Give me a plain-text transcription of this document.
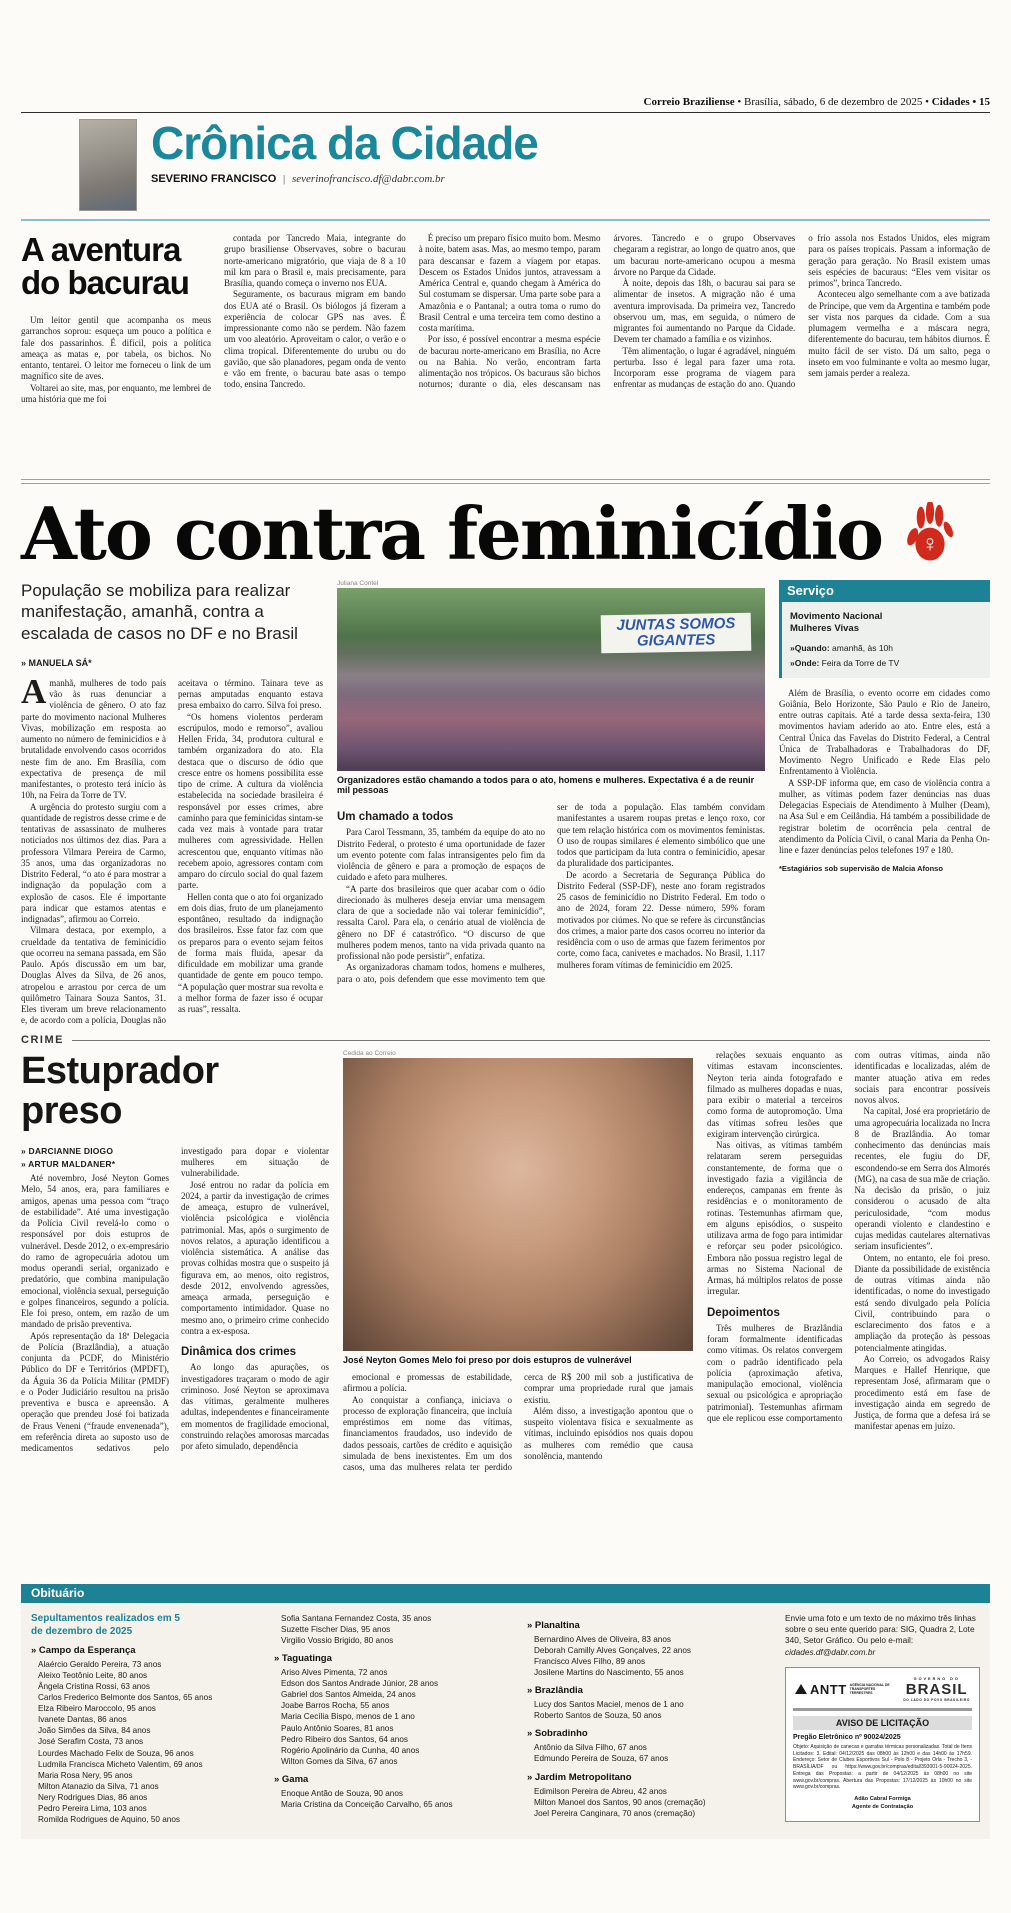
Correio Braziliense • Brasília, sábado, 6 de dezembro de 2025 • Cidades • 15
Crônica da Cidade
SEVERINO FRANCISCO | severinofrancisco.df@dabr.com.br
A aventura do bacurau

Um leitor gentil que acompanha os meus garranchos soprou: esqueça um pouco a política e fale dos passarinhos. É difícil, pois a política ameaça as matas e, por tabela, os bichos. No entanto, tentarei. O leitor me forneceu o link de um magnífico site de aves.

Voltarei ao site, mas, por enquanto, me lembrei de uma história que me foi

contada por Tancredo Maia, integrante do grupo brasiliense Observaves, sobre o bacurau norte-americano migratório, que viaja de 8 a 10 mil km para o Brasil e, mais precisamente, para Brasília, quando começa o inverno nos EUA.

Seguramente, os bacuraus migram em bando dos EUA até o Brasil. Os biólogos já fizeram a experiência de colocar GPS nas aves. É impressionante como não se perdem. Não fazem um voo aleatório. Aproveitam o calor, o verão e o clima tropical. Diferentemente do urubu ou do gavião, que são planadores, pegam onda de vento e vão em frente, o bacurau bate asas o tempo todo, ensina Tancredo.

É preciso um preparo físico muito bom. Mesmo à noite, batem asas. Mas, ao mesmo tempo, param para descansar e fazem a viagem por etapas. Descem os Estados Unidos juntos, atravessam a América Central e, quando chegam à América do Sul costumam se dispersar. Uma parte sobe para a Amazônia e o Pantanal; a outra toma o rumo do Brasil Central e uma terceira tem como destino a costa marítima.

Por isso, é possível encontrar a mesma espécie de bacurau norte-americano em Brasília, no Acre ou na Bahia. No verão, encontram farta alimentação nos trópicos. Os bacuraus são bichos noturnos; durante o dia, eles descansam nas árvores. Tancredo e o grupo Observaves chegaram a registrar, ao longo de quatro anos, que um bacurau norte-americano ocupou a mesma árvore no Parque da Cidade.

À noite, depois das 18h, o bacurau sai para se alimentar de insetos. A migração não é uma aventura improvisada. Da primeira vez, Tancredo observou um, mas, em seguida, o número de migrantes foi aumentando no Parque da Cidade. Devem ter chamado a família e os vizinhos.

Têm alimentação, o lugar é agradável, ninguém perturba. Isso é legal para fazer uma rota. Incorporam esse programa de viagem para enfrentar as mudanças de estação do ano. Quando o frio assola nos Estados Unidos, eles migram para os países tropicais. Passam a informação de geração para geração. No Brasil existem umas seis espécies de bacuraus: “Eles vem visitar os primos”, brinca Tancredo.

Aconteceu algo semelhante com a ave batizada de Príncipe, que vem da Argentina e também pode ser vista nos parques da cidade. Com a sua plumagem vermelha e a máscara negra, diferentemente do bacurau, tem hábitos diurnos. É muito fácil de ser visto. Dá um salto, pega o inseto em voo fulminante e volta ao mesmo lugar, sem jamais perder a realeza.

Ato contra feminicídio ♀

População se mobiliza para realizar manifestação, amanhã, contra a escalada de casos no DF e no Brasil

» MANUELA SÁ*

Amanhã, mulheres de todo país vão às ruas denunciar a violência de gênero. O ato faz parte do movimento nacional Mulheres Vivas, mobilização em resposta ao aumento no número de feminicídios e à brutalidade envolvendo casos ocorridos neste fim de ano. Em Brasília, com expectativa de presença de mil manifestantes, o protesto terá início às 10h, na Feira da Torre de TV.

A urgência do protesto surgiu com a quantidade de registros desse crime e de tentativas de assassinato de mulheres noticiados nos últimos dez dias. Para a professora Vilmara Pereira de Carmo, 35 anos, uma das organizadoras no Distrito Federal, “o ato é para mostrar a indignação da população com a explosão de casos. Ele é importante para indicar que estamos atentas e indignadas”, afirmou ao Correio.

Vilmara destaca, por exemplo, a crueldade da tentativa de feminicídio que ocorreu na semana passada, em São Paulo. Após discussão em um bar, Douglas Alves da Silva, de 26 anos, atropelou e arrastou por cerca de um quilômetro Tainara Souza Santos, 31. Eles tiveram um breve relacionamento e, de acordo com a polícia, Douglas não aceitava o término. Tainara teve as pernas amputadas enquanto estava presa embaixo do carro. Silva foi preso.

“Os homens violentos perderam escrúpulos, modo e remorso”, avaliou Hellen Frida, 34, produtora cultural e também organizadora do ato. Ela destaca que o discurso de ódio que cresce entre os homens possibilita esse tipo de crime. A cultura da violência estabelecida na sociedade brasileira é responsável por esses crimes, abre caminho para que feminicidas sintam-se cada vez mais à vontade para tratar mulheres com agressividade. Hellen acrescentou que, enquanto vítimas não recebem apoio, agressores contam com amparo do círculo social do qual fazem parte.

Hellen conta que o ato foi organizado em dois dias, fruto de um planejamento espontâneo, resultado da indignação dos brasileiros. Esse fator faz com que os preparos para o evento sejam feitos de forma mais fluida, apesar da dificuldade em mobilizar uma grande quantidade de gente em pouco tempo. “A população quer mostrar sua revolta e a melhor forma de fazer isso é ocupar as ruas”, ressalta.

Juliana Contel
JUNTAS SOMOS GIGANTES

Organizadores estão chamando a todos para o ato, homens e mulheres. Expectativa é a de reunir mil pessoas

Um chamado a todos

Para Carol Tessmann, 35, também da equipe do ato no Distrito Federal, o protesto é uma oportunidade de fazer um evento potente com falas intransigentes pelo fim da violência de gênero e para a promoção de espaços de cuidado e afeto para mulheres.

“A parte dos brasileiros que quer acabar com o ódio direcionado às mulheres deseja enviar uma mensagem clara de que a sociedade não vai tolerar feminicídio”, ressalta Carol. Para ela, o cenário atual de violência de gênero no DF é catastrófico. “O discurso de que mulheres podem menos, tanto na vida privada quanto na profissional não pode persistir”, enfatiza.

As organizadoras chamam todos, homens e mulheres, para o ato, pois defendem que esse movimento tem que ser de toda a população. Elas também convidam manifestantes a usarem roupas pretas e lenço roxo, cor que tem relação histórica com os movimentos feministas. O uso de roupas similares é elemento simbólico que une todos que participam da luta contra o feminicídio, apesar da pluralidade dos participantes.

De acordo a Secretaria de Segurança Pública do Distrito Federal (SSP-DF), neste ano foram registrados 25 casos de feminicídio no Distrito Federal. Em todo o ano de 2024, foram 22. Desse número, 59% foram motivados por ciúmes. No que se refere às circunstâncias dos crimes, a maior parte dos casos ocorreu no interior da residência com o uso de armas que fazem ferimentos por corte, como faca, canivetes e machados. No Brasil, 1.117 mulheres foram vítimas de feminicídio em 2025.

Serviço

Movimento Nacional Mulheres Vivas

»Quando: amanhã, às 10h

»Onde: Feira da Torre de TV

Além de Brasília, o evento ocorre em cidades como Goiânia, Belo Horizonte, São Paulo e Rio de Janeiro, entre outras capitais. Até a tarde dessa sexta-feira, 130 movimentos haviam aderido ao ato. Entre eles, está a Central Única das Favelas do Distrito Federal, a Central Única de Trabalhadoras e Trabalhadoras do DF, Movimento Negro Unificado e Rede Elas pelo Enfrentamento à Violência.

A SSP-DF informa que, em caso de violência contra a mulher, as vítimas podem fazer denúncias nas duas Delegacias Especiais de Atendimento à Mulher (Deam), na Asa Sul e em Ceilândia. Há também a possibilidade de registrar boletim de ocorrência pela central de atendimento da Polícia Civil, o canal Maria da Penha On-line e fazer denúncias pelos telefones 197 e 180.

*Estagiários sob supervisão de Malcia Afonso

CRIME
Estuprador preso

» DARCIANNE DIOGO

» ARTUR MALDANER*

Até novembro, José Neyton Gomes Melo, 54 anos, era, para familiares e amigos, apenas uma pessoa com “traço de estabilidade”. Até uma investigação da Polícia Civil revelá-lo como o responsável por dois estupros de vulnerável. Desde 2012, o ex-empresário do ramo de agropecuária adotou um modus operandi serial, organizado e predatório, que combina manipulação emocional, violência sexual, perseguição e golpes financeiros, segundo a polícia. Ele foi preso, ontem, em razão de um mandado de prisão preventiva.

Após representação da 18ª Delegacia de Polícia (Brazlândia), a atuação conjunta da PCDF, do Ministério Público do DF e Territórios (MPDFT), da Águia 36 da Polícia Militar (PMDF) e o Poder Judiciário resultou na prisão preventiva e busca e apreensão. A operação que prendeu José foi batizada de Fraus Veneni (“fraude envenenada”), em referência direta ao suposto uso de medicamentos sedativos pelo investigado para dopar e violentar mulheres em situação de vulnerabilidade.

José entrou no radar da polícia em 2024, a partir da investigação de crimes de ameaça, estupro de vulnerável, violência psicológica e violência patrimonial. Mas, após o surgimento de novos relatos, a apuração identificou a violência sistemática. A análise das provas colhidas mostra que o suspeito já figurava em, ao menos, oito registros, desde 2012, envolvendo agressões, ameaça armada, perseguição e comportamento intimidador. Quase no mesmo ano, o primeiro crime conhecido contra a ex-esposa.

Dinâmica dos crimes

Ao longo das apurações, os investigadores traçaram o modo de agir criminoso. José Neyton se aproximava das vítimas, geralmente mulheres adultas, independentes e financeiramente em momentos de fragilidade emocional, construindo relações amorosas marcadas por afeto simulado, dependência

Cedida ao Correio

José Neyton Gomes Melo foi preso por dois estupros de vulnerável

emocional e promessas de estabilidade, afirmou a polícia.

Ao conquistar a confiança, iniciava o processo de exploração financeira, que incluía empréstimos em nome das vítimas, financiamentos fraudados, uso indevido de dados pessoais, cartões de crédito e aquisição simulada de bens inexistentes. Em um dos casos, uma das mulheres relata ter perdido cerca de R$ 200 mil sob a justificativa de comprar uma propriedade rural que jamais existiu.

Além disso, a investigação apontou que o suspeito violentava física e sexualmente as vítimas, incluindo episódios nos quais dopou as mulheres com remédio que causa sonolência, mantendo

relações sexuais enquanto as vítimas estavam inconscientes. Neyton teria ainda fotografado e filmado as mulheres dopadas e nuas, para exibir o material a terceiros como forma de autopromoção. Uma das vítimas sofreu lesões que exigiram intervenção cirúrgica.

Nas oitivas, as vítimas também relataram serem perseguidas constantemente, de forma que o investigado fazia a vigilância de endereços, campanas em frente às residências e o monitoramento de rotinas. Testemunhas afirmam que, em alguns episódios, o suspeito utilizava arma de fogo para intimidar e reforçar seu poder psicológico. Embora não possua registro legal de armas no Sistema Nacional de Armas, há múltiplos relatos de posse irregular.

Depoimentos

Três mulheres de Brazlândia foram formalmente identificadas como vítimas. Os relatos convergem com o padrão identificado pela polícia (aproximação afetiva, manipulação emocional, violência sexual ou psicológica e apropriação patrimonial). Testemunhas afirmam que ele replicou esse comportamento com outras vítimas, ainda não identificadas e localizadas, além de manter atuação ativa em redes sociais para encontrar possíveis novos alvos.

Na capital, José era proprietário de uma agropecuária localizada no Incra 8 de Brazlândia. Ao tomar conhecimento das denúncias mais recentes, ele fugiu do DF, escondendo-se em Serra dos Almorés (MG), na casa de sua mãe de criação. Na decisão da prisão, o juiz considerou o acusado de alta periculosidade, “com modus operandi violento e clandestino e cujas medidas cautelares alternativas seriam insuficientes”.

Ontem, no entanto, ele foi preso. Diante da possibilidade de existência de outras vítimas ainda não identificadas, o nome do investigado está sendo divulgado pela Polícia Civil, contribuindo para o esclarecimento dos fatos e a ampliação da proteção às pessoas potencialmente atingidas.

Ao Correio, os advogados Raisy Marques e Hallef Henrique, que representam José, afirmaram que o procedimento está em fase de investigação ainda em segredo de Justiça, de forma que a defesa irá se manifestar apenas em juízo.

Obituário
Sepultamentos realizados em 5 de dezembro de 2025
» Campo da Esperança
Alaércio Geraldo Pereira, 73 anos
Aleixo Teotônio Leite, 80 anos
Ângela Cristina Rossi, 63 anos
Carlos Frederico Belmonte dos Santos, 65 anos
Elza Ribeiro Maroccolo, 95 anos
Ivanete Dantas, 86 anos
João Simões da Silva, 84 anos
José Serafim Costa, 73 anos
Lourdes Machado Felix de Souza, 96 anos
Ludmila Francisca Micheto Valentim, 69 anos
Maria Rosa Nery, 95 anos
Milton Atanazio da Silva, 71 anos
Nery Rodrigues Dias, 86 anos
Pedro Pereira Lima, 103 anos
Romilda Rodrigues de Aquino, 50 anos
Sofia Santana Fernandez Costa, 35 anos
Suzette Fischer Dias, 95 anos
Virgilio Vossio Brigido, 80 anos
» Taguatinga
Ariso Alves Pimenta, 72 anos
Edson dos Santos Andrade Júnior, 28 anos
Gabriel dos Santos Almeida, 24 anos
Joabe Barros Rocha, 55 anos
Maria Cecília Bispo, menos de 1 ano
Paulo Antônio Soares, 81 anos
Pedro Ribeiro dos Santos, 64 anos
Rogério Apolinário da Cunha, 40 anos
Wilton Gomes da Silva, 67 anos
» Gama
Enoque Antão de Souza, 90 anos
Maria Cristina da Conceição Carvalho, 65 anos
» Planaltina
Bernardino Alves de Oliveira, 83 anos
Deborah Camilly Alves Gonçalves, 22 anos
Francisco Alves Filho, 89 anos
Josilene Martins do Nascimento, 55 anos
» Brazlândia
Lucy dos Santos Maciel, menos de 1 ano
Roberto Santos de Souza, 50 anos
» Sobradinho
Antônio da Silva Filho, 67 anos
Edmundo Pereira de Souza, 67 anos
» Jardim Metropolitano
Edimilson Pereira de Abreu, 42 anos
Milton Manoel dos Santos, 90 anos (cremação)
Joel Pereira Canginara, 70 anos (cremação)

Envie uma foto e um texto de no máximo três linhas sobre o seu ente querido para: SIG, Quadra 2, Lote 340, Setor Gráfico. Ou pelo e-mail: cidades.df@dabr.com.br

ANTT AGÊNCIA NACIONAL DE TRANSPORTES TERRESTRES
GOVERNO DO
BRASIL
DO LADO DO POVO BRASILEIRO
AVISO DE LICITAÇÃO
Pregão Eletrônico nº 90024/2025

Objeto: Aquisição de canecas e garrafas térmicas personalizadas. Total de Itens Licitados: 3. Edital: 04/12/2025 das 08h00 às 12h00 e das 14h00 às 17h59. Endereço: Setor de Clubes Esportivos Sul - Polo 8 - Projeto Orla - Trecho 3, - BRASÍLIA/DF ou https://www.gov.br/compras/edital/393001-5-90024-2025. Entrega das Propostas: a partir de 04/12/2025 às 08h00 no site www.gov.br/compras. Abertura das Propostas: 17/12/2025 às 10h00 no site www.gov.br/compras.

Adão Cabral Formiga
Agente de Contratação
